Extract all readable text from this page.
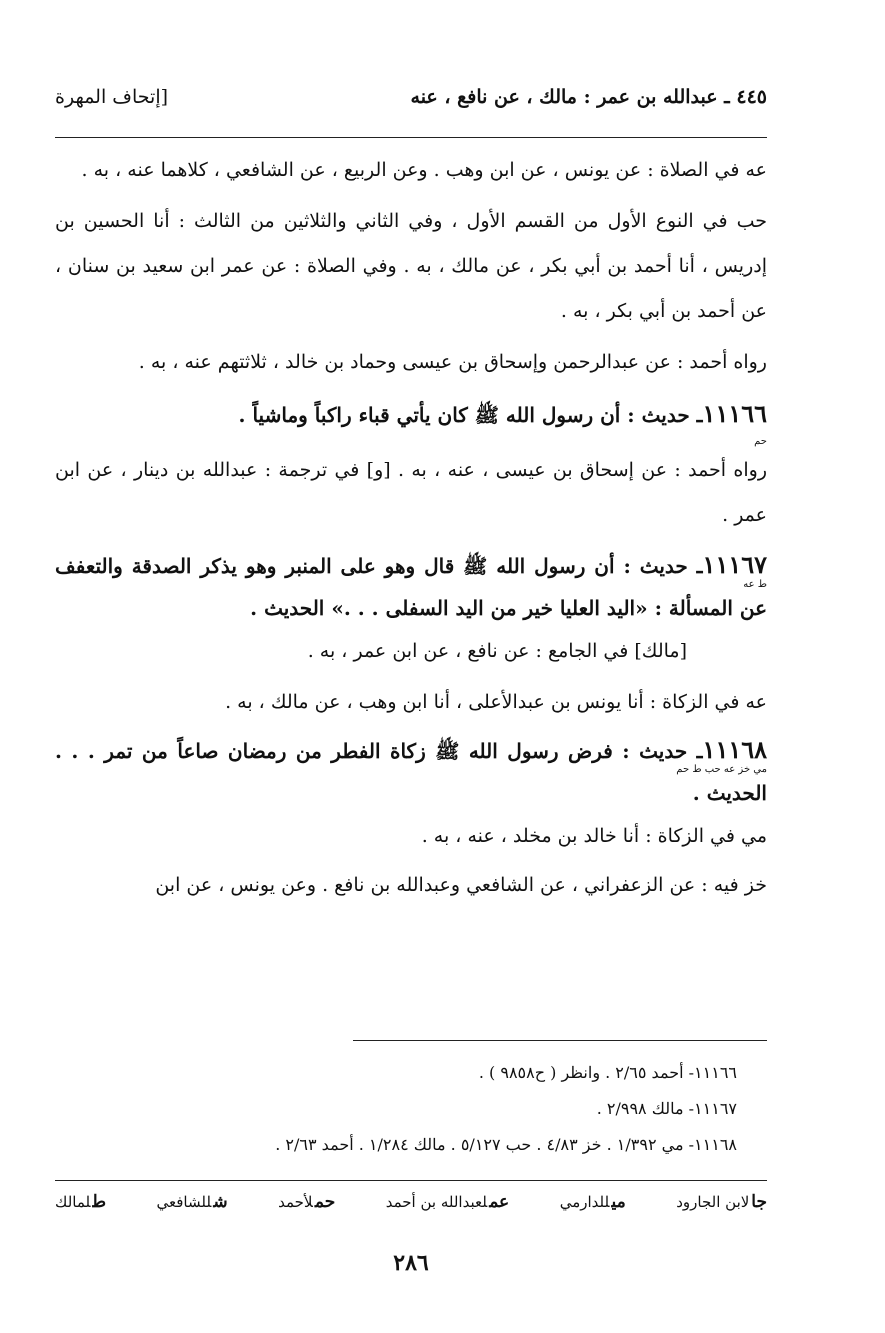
٤٤٥ ـ عبدالله بن عمر : مالك ، عن نافع ، عنه
[إتحاف المهرة

عه في الصلاة : عن يونس ، عن ابن وهب . وعن الربيع ، عن الشافعي ، كلاهما عنه ، به .

حب في النوع الأول من القسم الأول ، وفي الثاني والثلاثين من الثالث : أنا الحسين بن إدريس ، أنا أحمد بن أبي بكر ، عن مالك ، به . وفي الصلاة : عن عمر ابن سعيد بن سنان ، عن أحمد بن أبي بكر ، به .

رواه أحمد : عن عبدالرحمن وإسحاق بن عيسى وحماد بن خالد ، ثلاثتهم عنه ، به .

١١١٦٦ـ حديث : أن رسول الله ﷺ كان يأتي قباء راكباً وماشياً .

حم

رواه أحمد : عن إسحاق بن عيسى ، عنه ، به . [و] في ترجمة : عبدالله بن دينار ، عن ابن عمر .

١١١٦٧ـ حديث : أن رسول الله ﷺ قال وهو على المنبر وهو يذكر الصدقة والتعفف عن المسألة : «اليد العليا خير من اليد السفلى . . .» الحديث .

ط عه

[مالك] في الجامع : عن نافع ، عن ابن عمر ، به .

عه في الزكاة : أنا يونس بن عبدالأعلى ، أنا ابن وهب ، عن مالك ، به .

١١١٦٨ـ حديث : فرض رسول الله ﷺ زكاة الفطر من رمضان صاعاً من تمر . . . الحديث .

مي خز عه حب ط حم

مي في الزكاة : أنا خالد بن مخلد ، عنه ، به .

خز فيه : عن الزعفراني ، عن الشافعي وعبدالله بن نافع . وعن يونس ، عن ابن

١١١٦٦- أحمد ٢/٦٥ . وانظر ( ح٩٨٥٨ ) .

١١١٦٧- مالك ٢/٩٩٨ .

١١١٦٨- مي ١/٣٩٢ . خز ٤/٨٣ . حب ٥/١٢٧ . مالك ١/٢٨٤ . أحمد ٢/٦٣ .

طلمالك	شللشافعي	حملأحمد	عملعبدالله بن أحمد	ميللدارمي	جالابن الجارود
٢٨٦
